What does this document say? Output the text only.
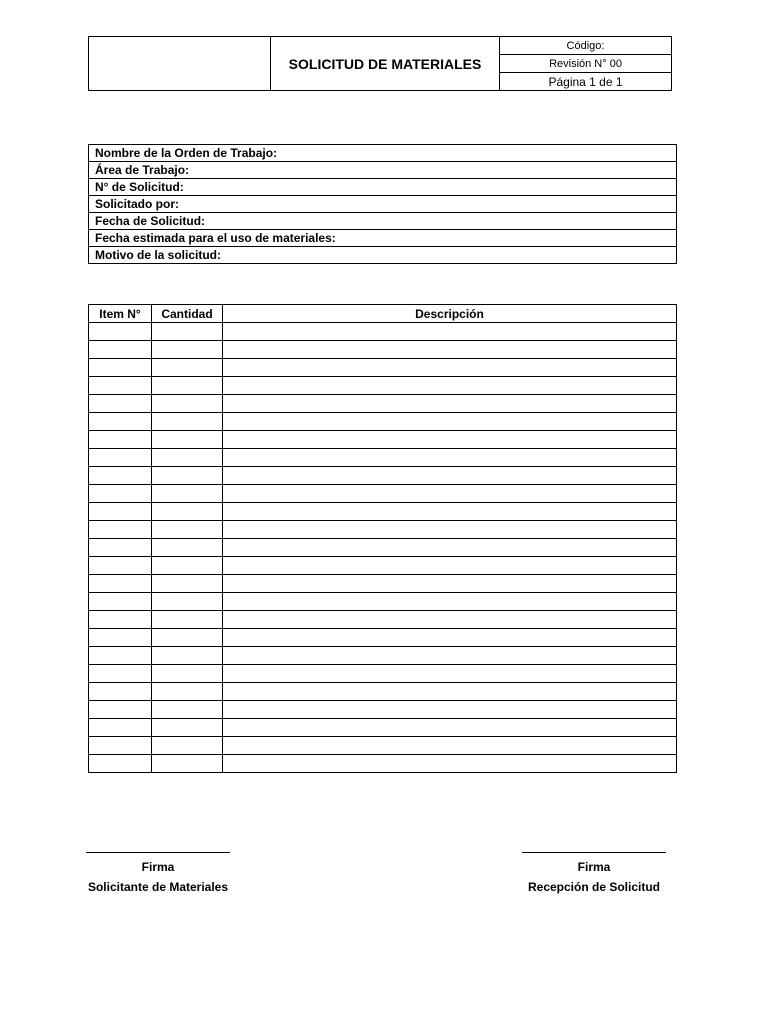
SOLICITUD DE MATERIALES
Código:
Revisión N° 00
Página 1 de 1
Nombre de la Orden de Trabajo:
Área de Trabajo:
N° de Solicitud:
Solicitado por:
Fecha de Solicitud:
Fecha estimada para el uso de materiales:
Motivo de la solicitud:
Item N°	Cantidad	Descripción

Firma
Solicitante de Materiales
Firma
Recepción de Solicitud
